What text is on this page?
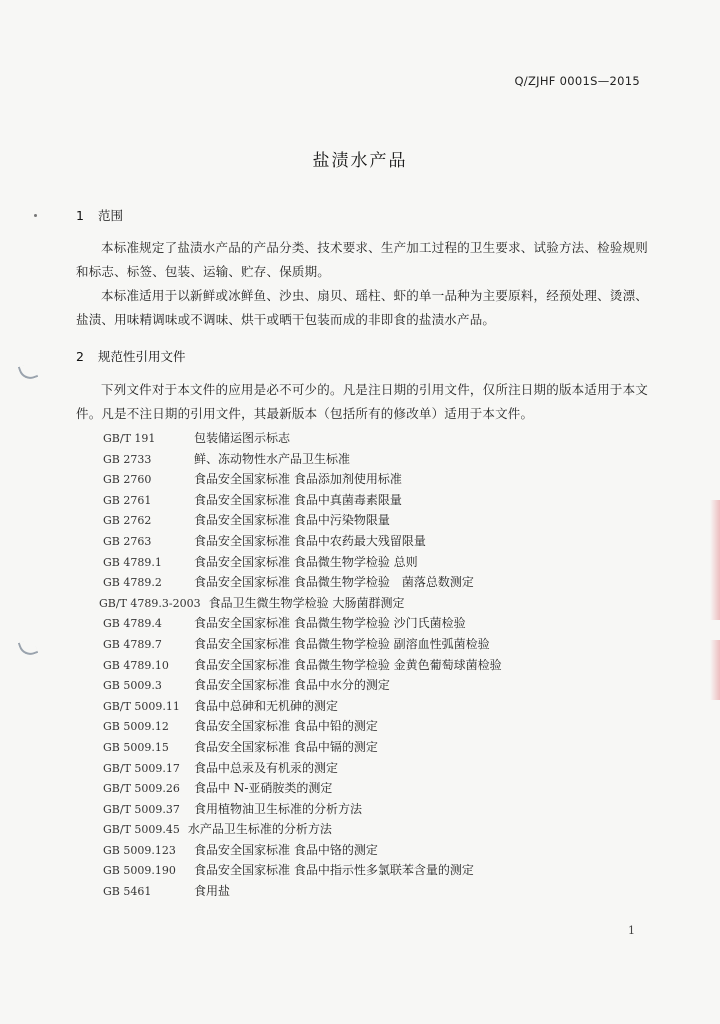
Q/ZJHF 0001S—2015
盐渍水产品
1 范围
本标准规定了盐渍水产品的产品分类、技术要求、生产加工过程的卫生要求、试验方法、检验规则和标志、标签、包装、运输、贮存、保质期。
本标准适用于以新鲜或冰鲜鱼、沙虫、扇贝、瑶柱、虾的单一品种为主要原料，经预处理、烫漂、盐渍、用味精调味或不调味、烘干或晒干包装而成的非即食的盐渍水产品。
2 规范性引用文件
下列文件对于本文件的应用是必不可少的。凡是注日期的引用文件，仅所注日期的版本适用于本文件。凡是不注日期的引用文件，其最新版本（包括所有的修改单）适用于本文件。
GB/T 191	包装储运图示标志
GB 2733	鲜、冻动物性水产品卫生标准
GB 2760	食品安全国家标准 食品添加剂使用标准
GB 2761	食品安全国家标准 食品中真菌毒素限量
GB 2762	食品安全国家标准 食品中污染物限量
GB 2763	食品安全国家标准 食品中农药最大残留限量
GB 4789.1	食品安全国家标准 食品微生物学检验 总则
GB 4789.2	食品安全国家标准 食品微生物学检验　菌落总数测定
GB/T 4789.3-2003 食品卫生微生物学检验 大肠菌群测定
GB 4789.4	食品安全国家标准 食品微生物学检验 沙门氏菌检验
GB 4789.7	食品安全国家标准 食品微生物学检验 副溶血性弧菌检验
GB 4789.10 食品安全国家标准 食品微生物学检验 金黄色葡萄球菌检验
GB 5009.3	食品安全国家标准 食品中水分的测定
GB/T 5009.11 食品中总砷和无机砷的测定
GB 5009.12 食品安全国家标准 食品中铅的测定
GB 5009.15 食品安全国家标准 食品中镉的测定
GB/T 5009.17 食品中总汞及有机汞的测定
GB/T 5009.26 食品中 N-亚硝胺类的测定
GB/T 5009.37 食用植物油卫生标准的分析方法
GB/T 5009.45 水产品卫生标准的分析方法
GB 5009.123 食品安全国家标准 食品中铬的测定
GB 5009.190 食品安全国家标准 食品中指示性多氯联苯含量的测定
GB 5461	食用盐
1
